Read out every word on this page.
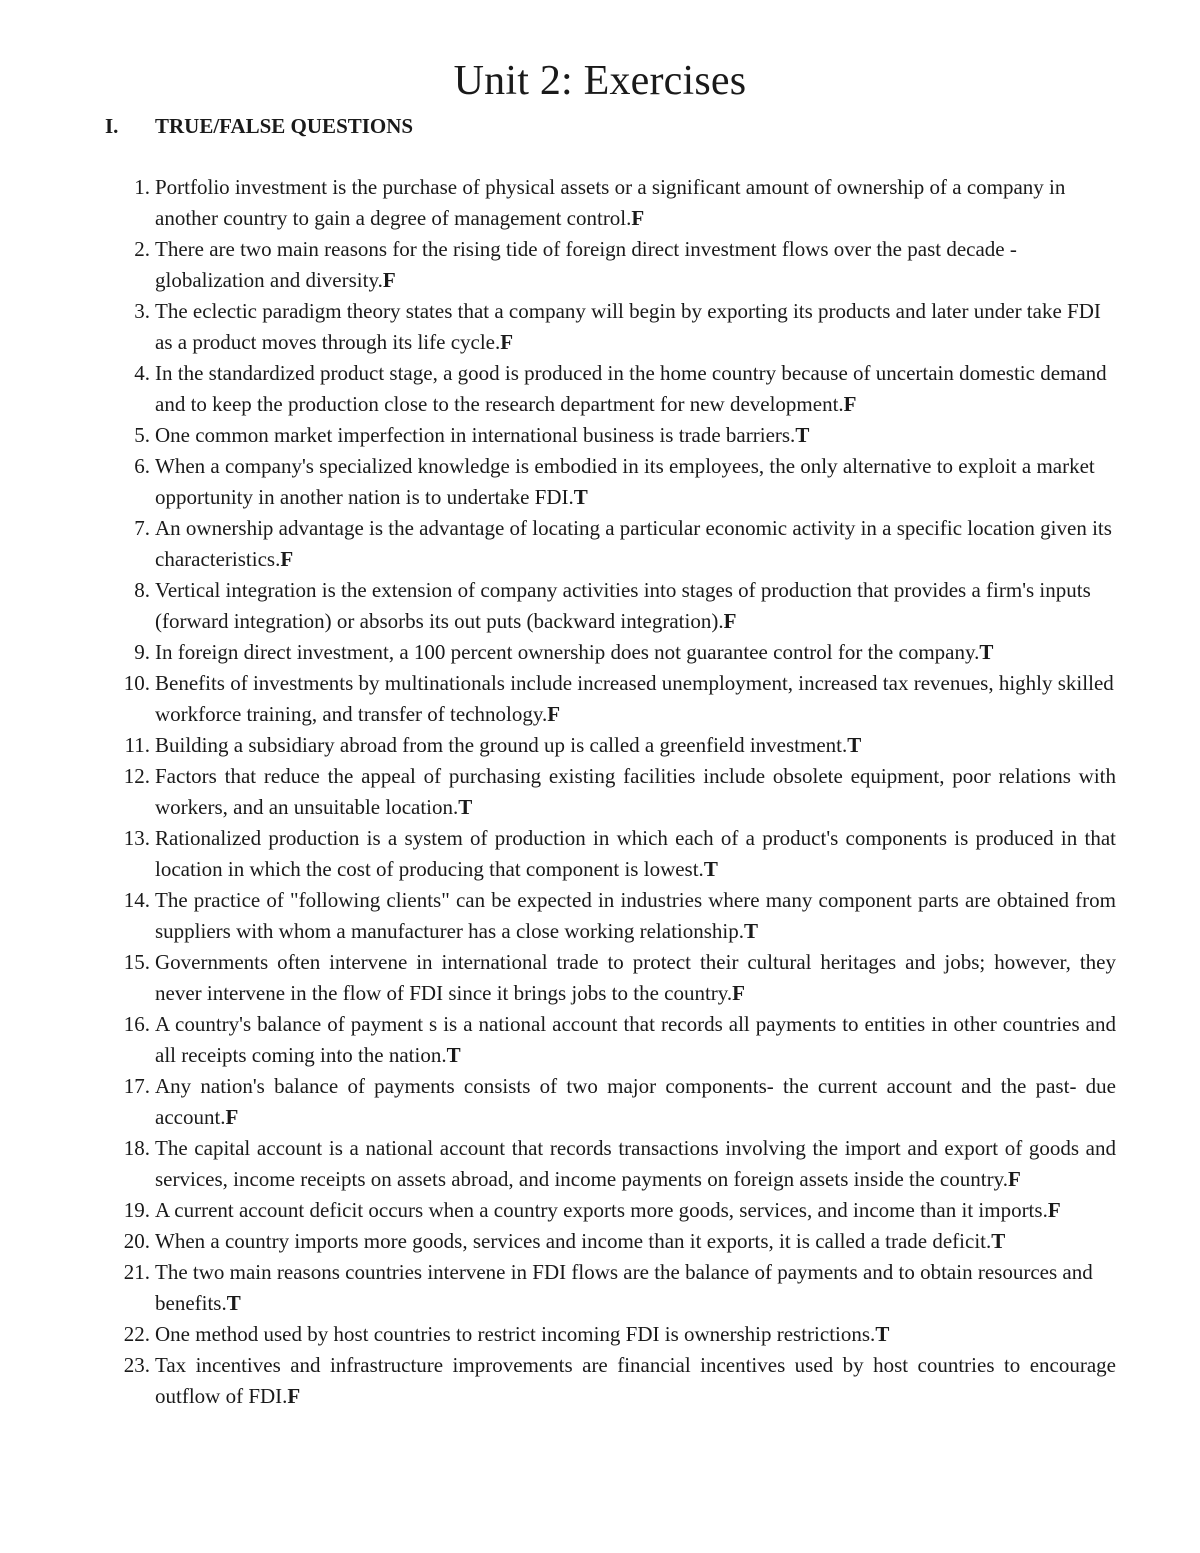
Unit 2: Exercises
I.	TRUE/FALSE QUESTIONS
1. Portfolio investment is the purchase of physical assets or a significant amount of ownership of a company in another country to gain a degree of management control.F
2. There are two main reasons for the rising tide of foreign direct investment flows over the past decade - globalization and diversity.F
3. The eclectic paradigm theory states that a company will begin by exporting its products and later under take FDI as a product moves through its life cycle.F
4. In the standardized product stage, a good is produced in the home country because of uncertain domestic demand and to keep the production close to the research department for new development.F
5. One common market imperfection in international business is trade barriers.T
6. When a company's specialized knowledge is embodied in its employees, the only alternative to exploit a market opportunity in another nation is to undertake FDI.T
7. An ownership advantage is the advantage of locating a particular economic activity in a specific location given its characteristics.F
8. Vertical integration is the extension of company activities into stages of production that provides a firm's inputs (forward integration) or absorbs its out puts (backward integration).F
9. In foreign direct investment, a 100 percent ownership does not guarantee control for the company.T
10. Benefits of investments by multinationals include increased unemployment, increased tax revenues, highly skilled workforce training, and transfer of technology.F
11. Building a subsidiary abroad from the ground up is called a greenfield investment.T
12. Factors that reduce the appeal of purchasing existing facilities include obsolete equipment, poor relations with workers, and an unsuitable location.T
13. Rationalized production is a system of production in which each of a product's components is produced in that location in which the cost of producing that component is lowest.T
14. The practice of "following clients" can be expected in industries where many component parts are obtained from suppliers with whom a manufacturer has a close working relationship.T
15. Governments often intervene in international trade to protect their cultural heritages and jobs; however, they never intervene in the flow of FDI since it brings jobs to the country.F
16. A country's balance of payment s is a national account that records all payments to entities in other countries and all receipts coming into the nation.T
17. Any nation's balance of payments consists of two major components- the current account and the past- due account.F
18. The capital account is a national account that records transactions involving the import and export of goods and services, income receipts on assets abroad, and income payments on foreign assets inside the country.F
19. A current account deficit occurs when a country exports more goods, services, and income than it imports.F
20. When a country imports more goods, services and income than it exports, it is called a trade deficit.T
21. The two main reasons countries intervene in FDI flows are the balance of payments and to obtain resources and benefits.T
22. One method used by host countries to restrict incoming FDI is ownership restrictions.T
23. Tax incentives and infrastructure improvements are financial incentives used by host countries to encourage outflow of FDI.F
